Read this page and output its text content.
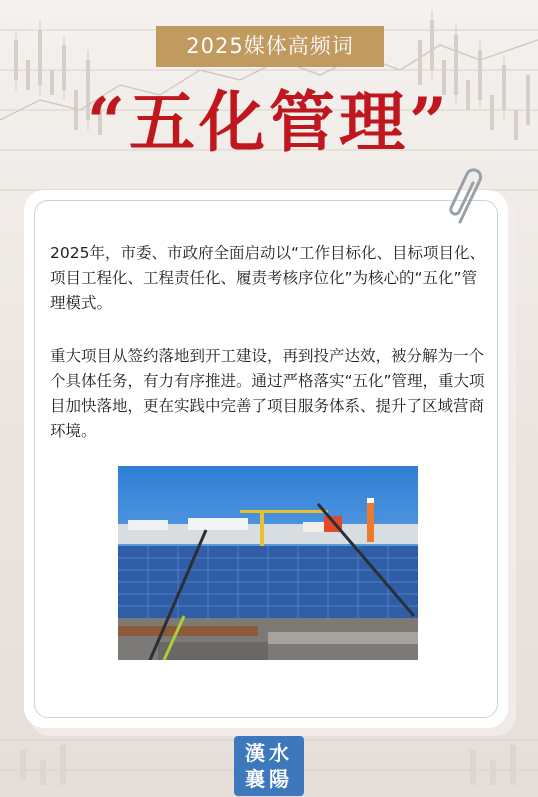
2025媒体高频词
“五化管理”

2025年，市委、市政府全面启动以“工作目标化、目标项目化、项目工程化、工程责任化、履责考核序位化”为核心的“五化”管理模式。

重大项目从签约落地到开工建设，再到投产达效，被分解为一个个具体任务，有力有序推进。通过严格落实“五化”管理，重大项目加快落地，更在实践中完善了项目服务体系、提升了区域营商环境。

漢水
襄陽
